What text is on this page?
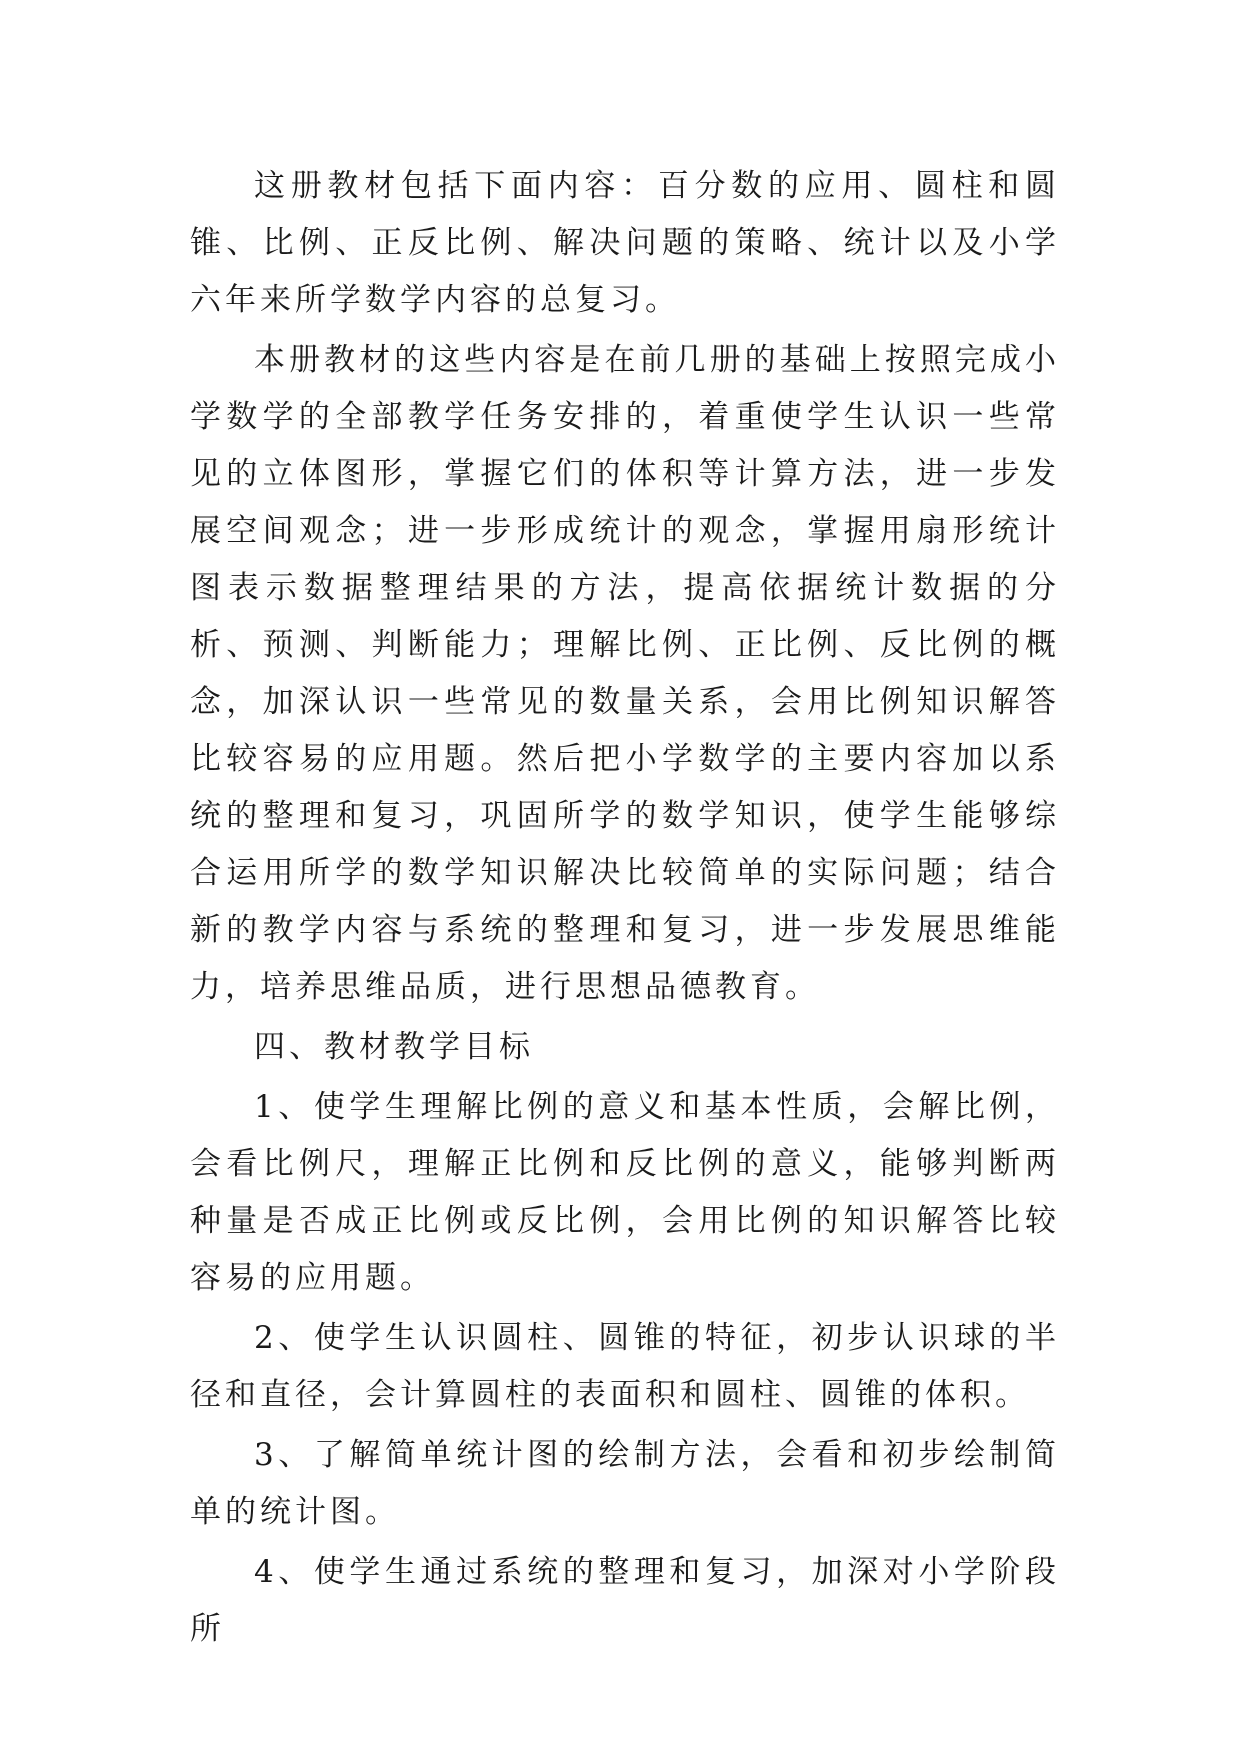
这册教材包括下面内容：百分数的应用、圆柱和圆锥、比例、正反比例、解决问题的策略、统计以及小学六年来所学数学内容的总复习。

本册教材的这些内容是在前几册的基础上按照完成小学数学的全部教学任务安排的，着重使学生认识一些常见的立体图形，掌握它们的体积等计算方法，进一步发展空间观念；进一步形成统计的观念，掌握用扇形统计图表示数据整理结果的方法，提高依据统计数据的分析、预测、判断能力；理解比例、正比例、反比例的概念，加深认识一些常见的数量关系，会用比例知识解答比较容易的应用题。然后把小学数学的主要内容加以系统的整理和复习，巩固所学的数学知识，使学生能够综合运用所学的数学知识解决比较简单的实际问题；结合新的教学内容与系统的整理和复习，进一步发展思维能力，培养思维品质，进行思想品德教育。

四、教材教学目标

1、使学生理解比例的意义和基本性质，会解比例，会看比例尺，理解正比例和反比例的意义，能够判断两种量是否成正比例或反比例，会用比例的知识解答比较容易的应用题。

2、使学生认识圆柱、圆锥的特征，初步认识球的半径和直径，会计算圆柱的表面积和圆柱、圆锥的体积。

3、了解简单统计图的绘制方法，会看和初步绘制简单的统计图。

4、使学生通过系统的整理和复习，加深对小学阶段所
